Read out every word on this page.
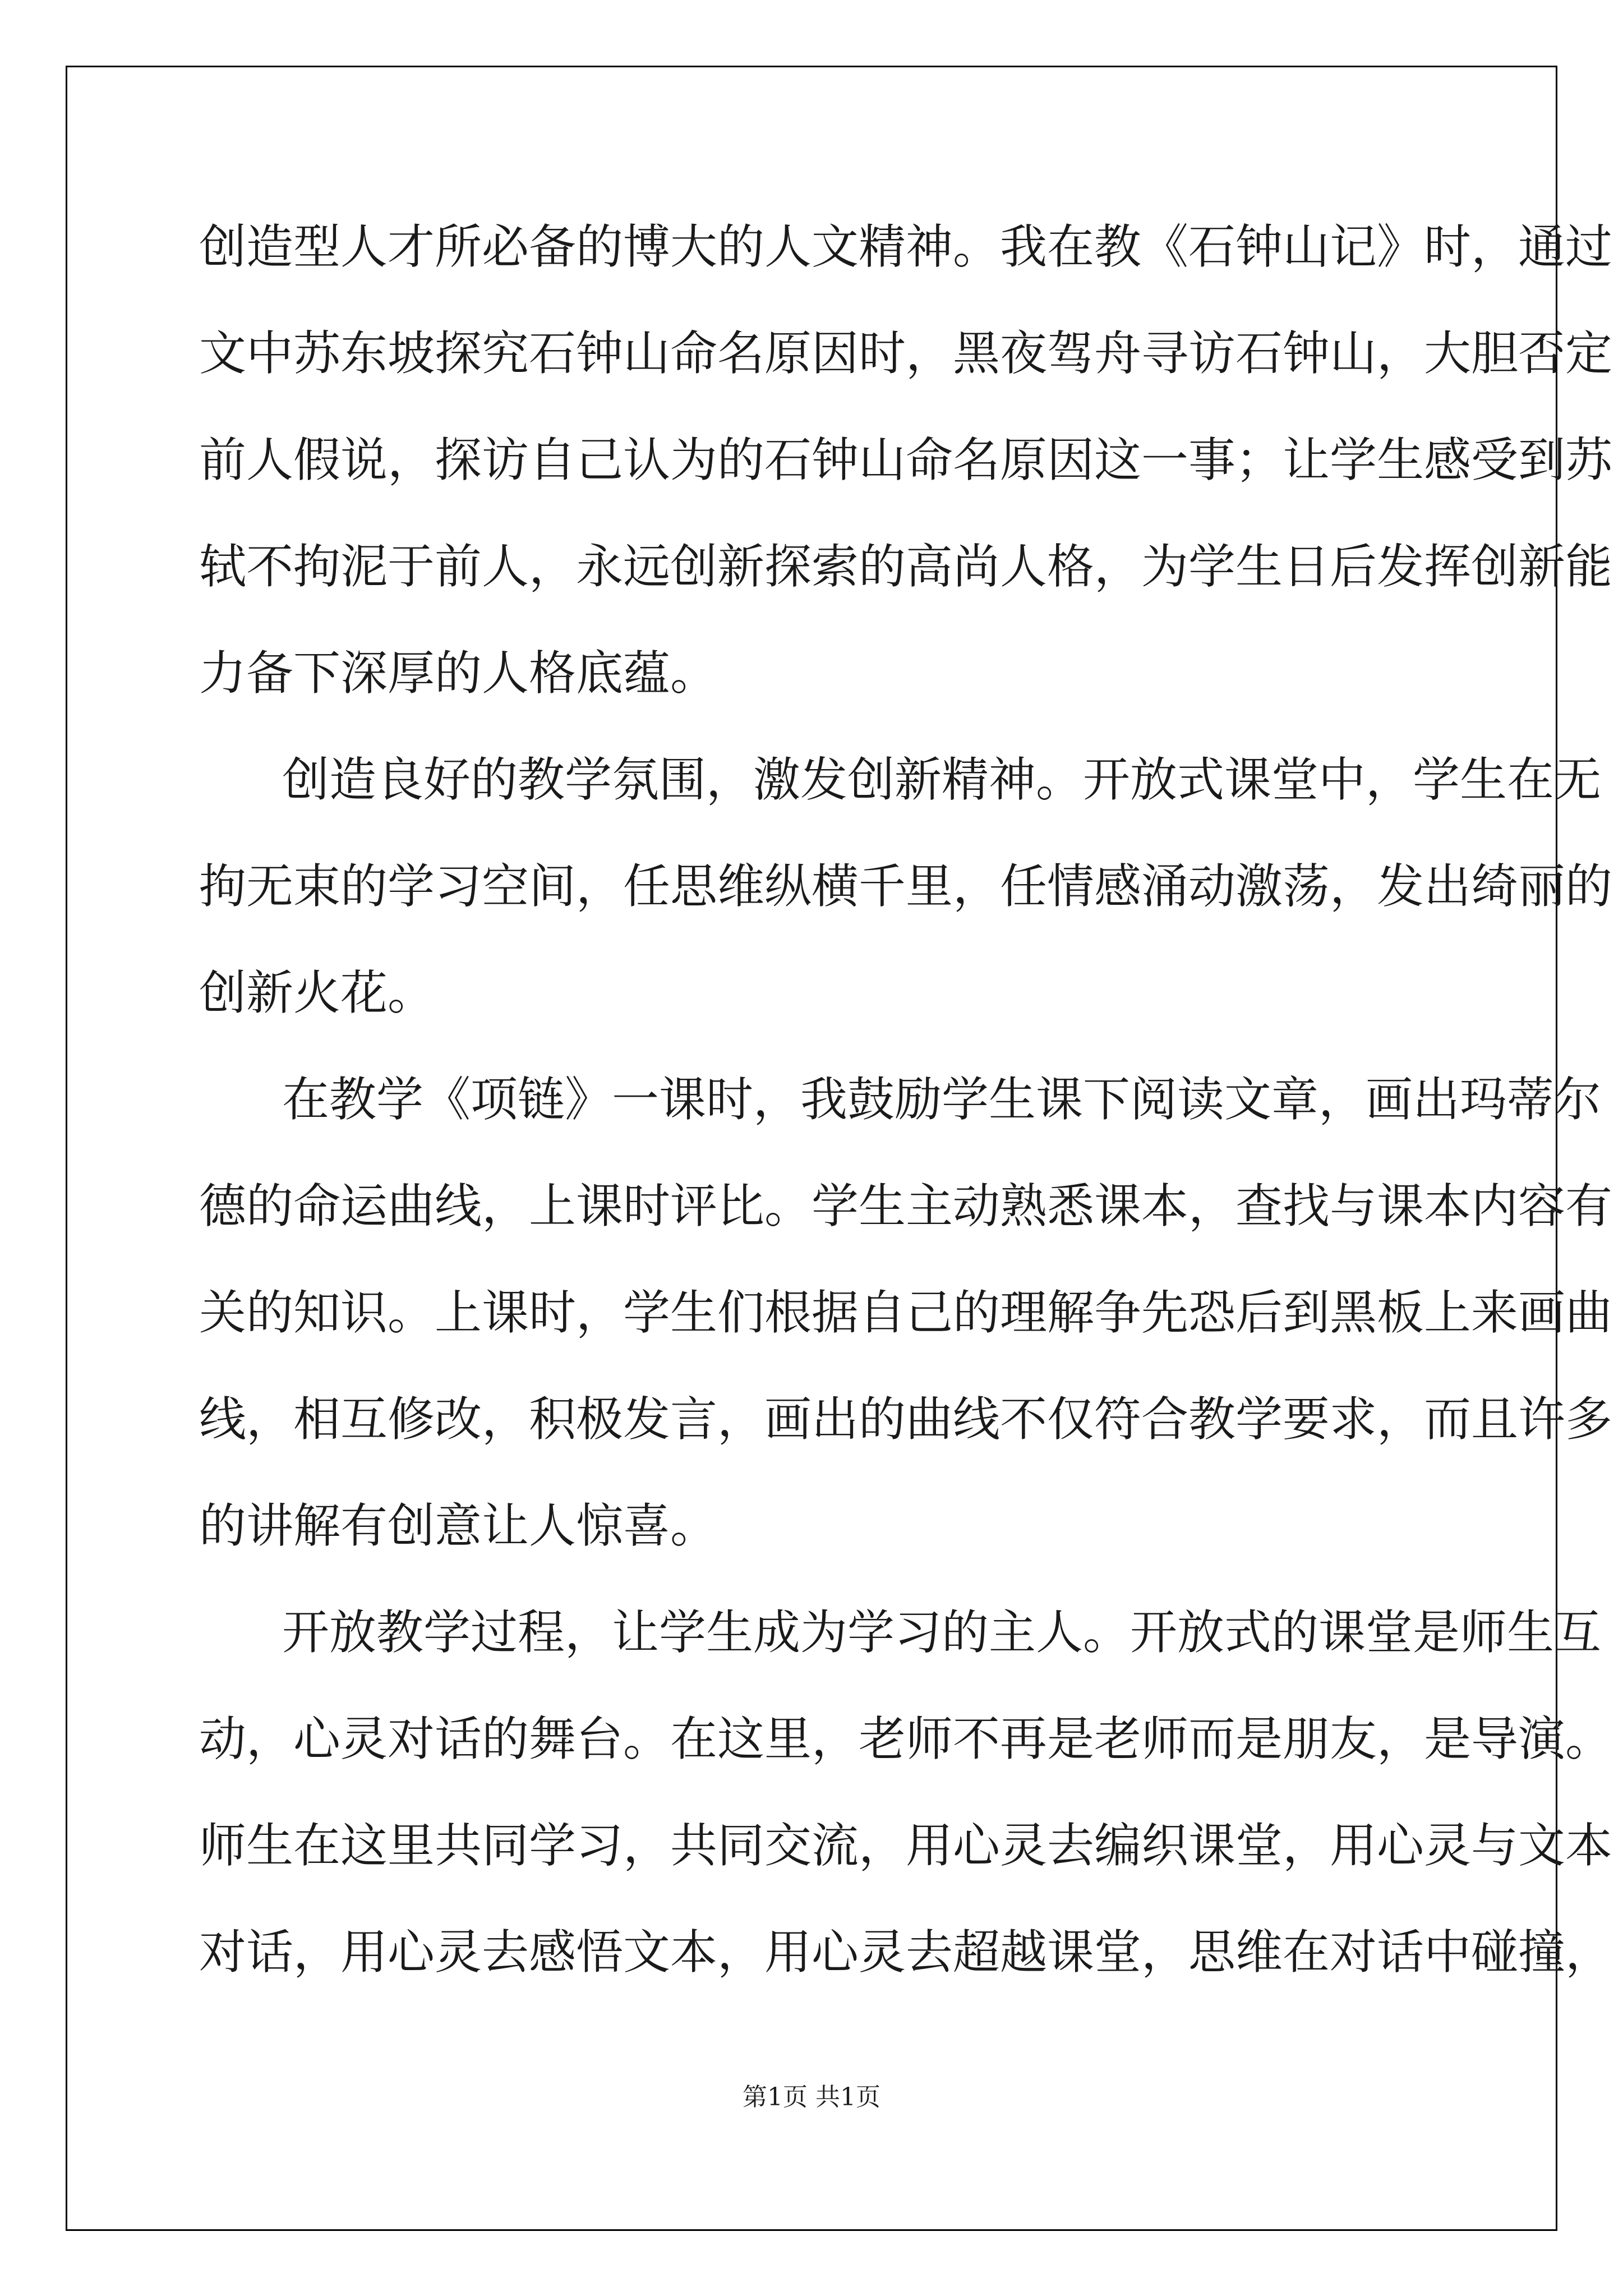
创造型人才所必备的博大的人文精神。我在教《石钟山记》时，通过
文中苏东坡探究石钟山命名原因时，黑夜驾舟寻访石钟山，大胆否定
前人假说，探访自己认为的石钟山命名原因这一事；让学生感受到苏
轼不拘泥于前人，永远创新探索的高尚人格，为学生日后发挥创新能
力备下深厚的人格底蕴。
创造良好的教学氛围，激发创新精神。开放式课堂中，学生在无
拘无束的学习空间，任思维纵横千里，任情感涌动激荡，发出绮丽的
创新火花。
在教学《项链》一课时，我鼓励学生课下阅读文章，画出玛蒂尔
德的命运曲线，上课时评比。学生主动熟悉课本，查找与课本内容有
关的知识。上课时，学生们根据自己的理解争先恐后到黑板上来画曲
线，相互修改，积极发言，画出的曲线不仅符合教学要求，而且许多
的讲解有创意让人惊喜。
开放教学过程，让学生成为学习的主人。开放式的课堂是师生互
动，心灵对话的舞台。在这里，老师不再是老师而是朋友，是导演。
师生在这里共同学习，共同交流，用心灵去编织课堂，用心灵与文本
对话，用心灵去感悟文本，用心灵去超越课堂，思维在对话中碰撞，
第1页 共1页
